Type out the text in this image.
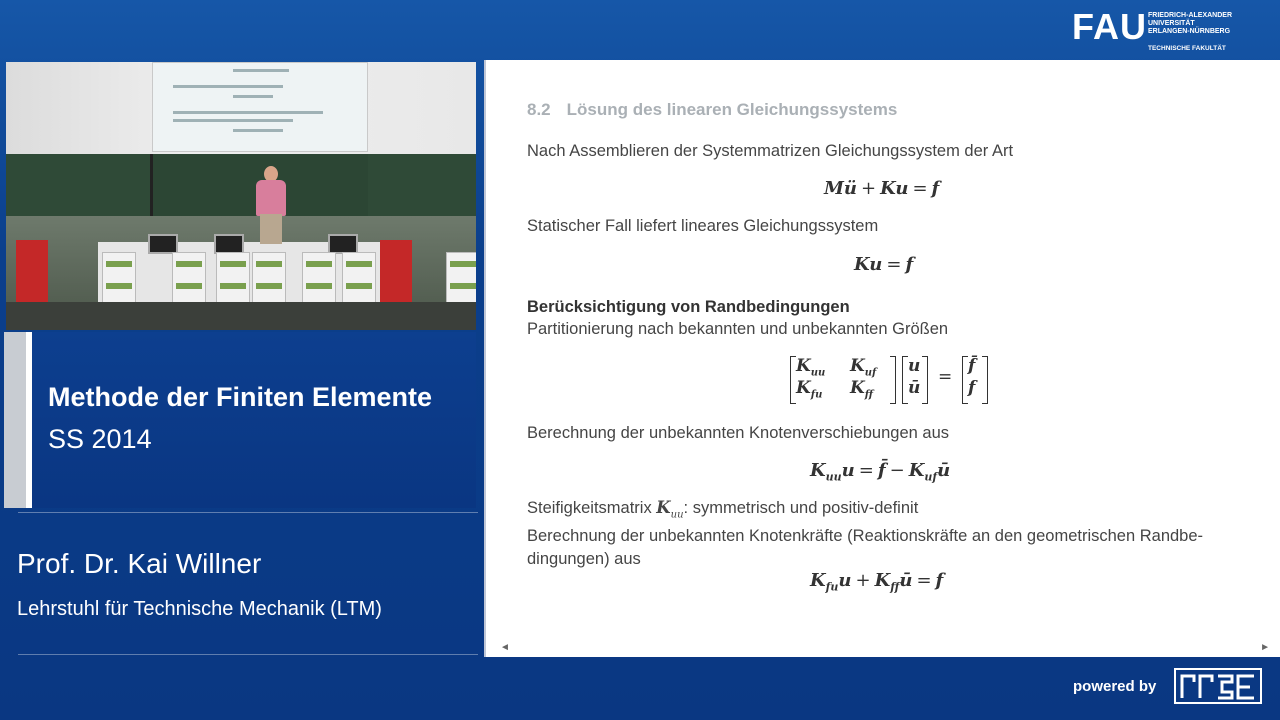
FAU FRIEDRICH-ALEXANDER
UNIVERSITÄT
ERLANGEN-NÜRNBERG
TECHNISCHE FAKULTÄT
Methode der Finiten Elemente
SS 2014
Prof. Dr. Kai Willner
Lehrstuhl für Technische Mechanik (LTM)
8.2 Lösung des linearen Gleichungssystems
Nach Assemblieren der Systemmatrizen Gleichungssystem der Art
Mü + Ku = f
Statischer Fall liefert lineares Gleichungssystem
Ku = f
Berücksichtigung von Randbedingungen
Partitionierung nach bekannten und unbekannten Größen
$K_{uu}$ $K_{uf}$
$K_{fu}$ $K_{ff}$
u
ū
=
f̄
f
Berechnung der unbekannten Knotenverschiebungen aus
$K_{uu}u$ = f̄ − $K_{uf}ū$
Steifigkeitsmatrix $K_{uu}$: symmetrisch und positiv-definit
Berechnung der unbekannten Knotenkräfte (Reaktionskräfte an den geometrischen Randbe-
dingungen) aus
$K_{fu}u$ + $K_{ff}ū = f$
◄	►
powered by
